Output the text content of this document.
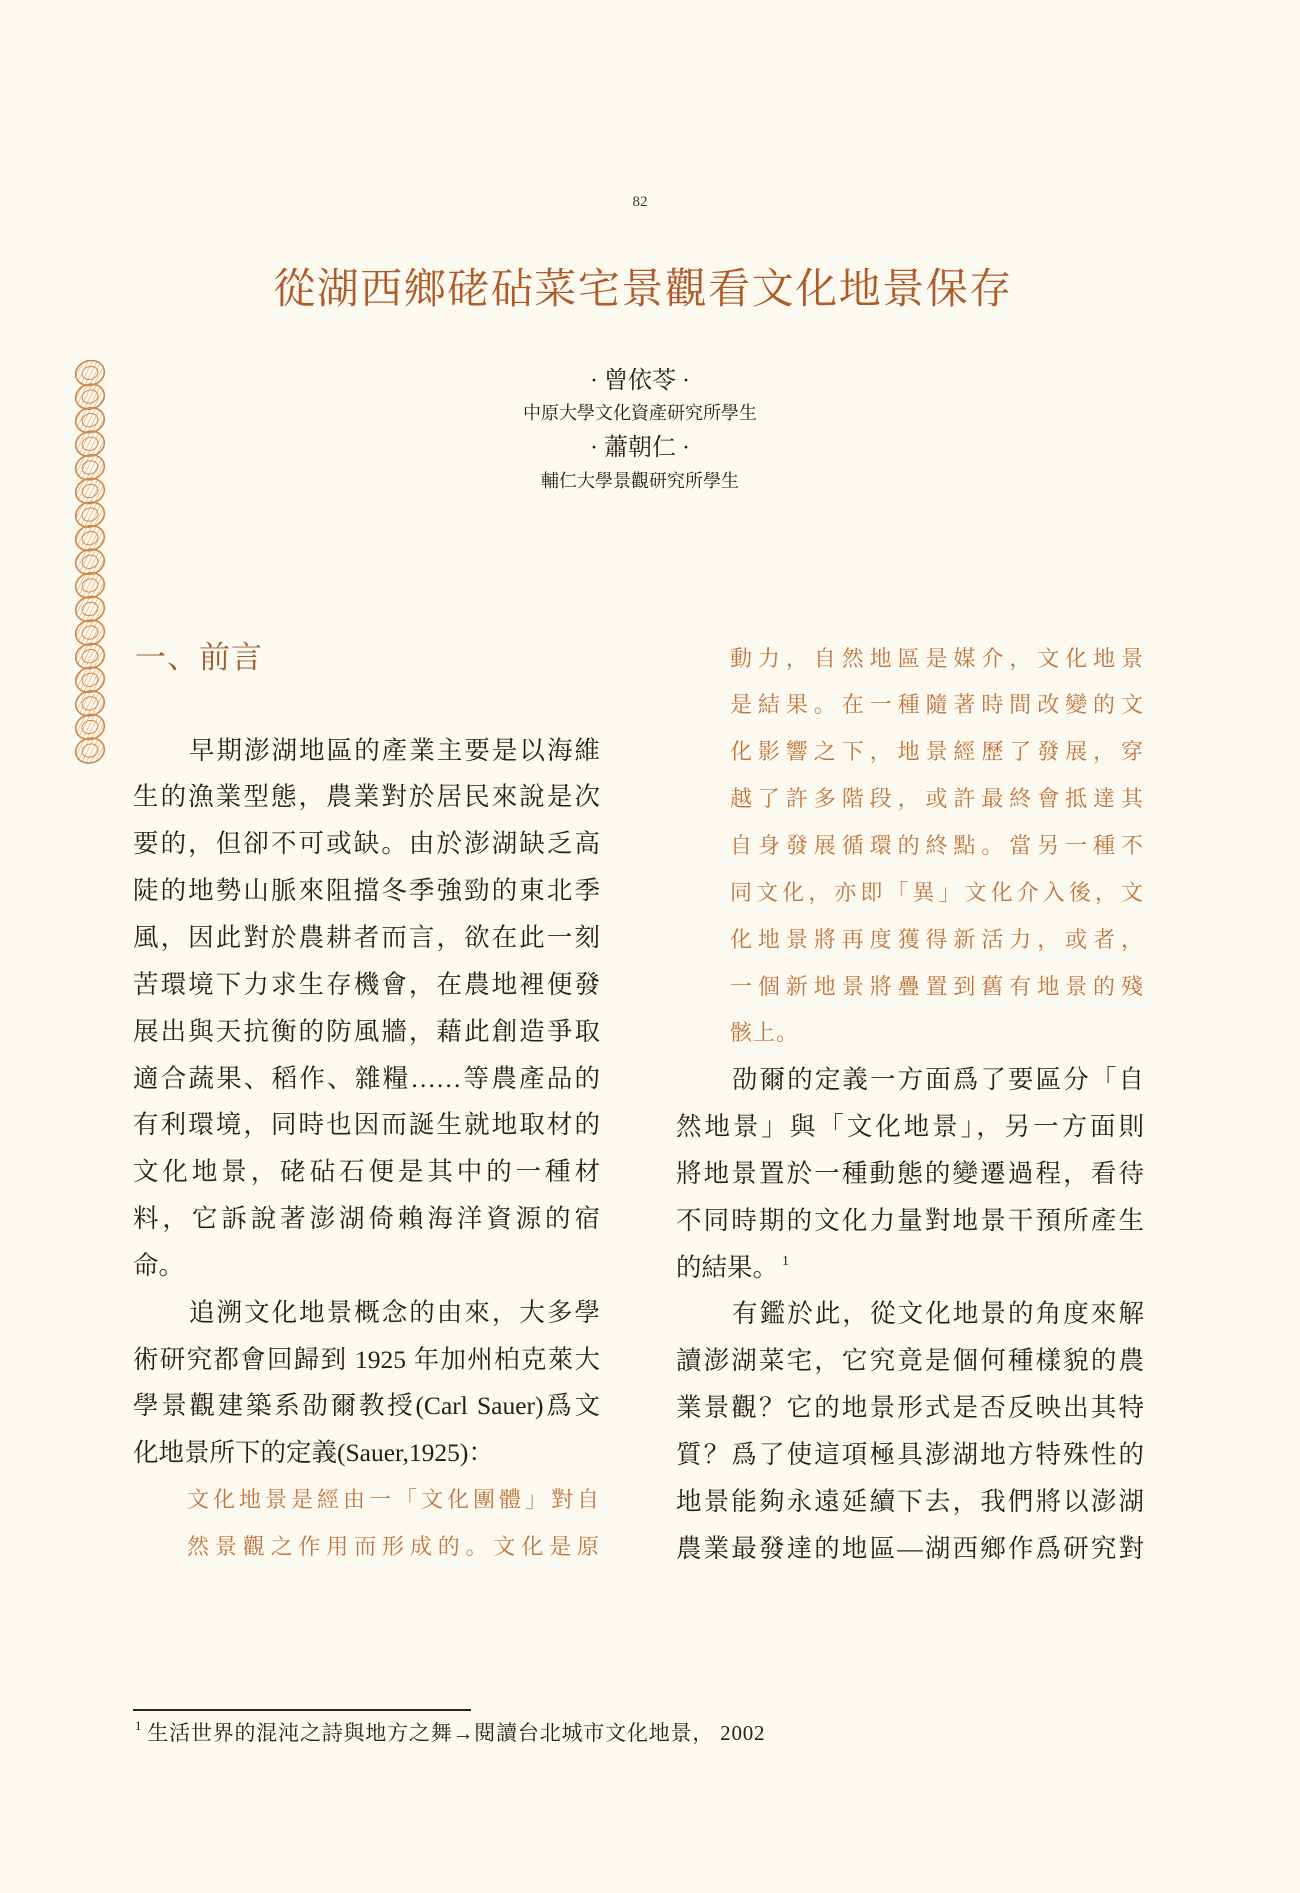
82
從湖西鄉硓砧菜宅景觀看文化地景保存
· 曾依苓 ·
中原大學文化資產研究所學生
· 蕭朝仁 ·
輔仁大學景觀研究所學生
一、前言
早期澎湖地區的產業主要是以海維
生的漁業型態，農業對於居民來說是次
要的，但卻不可或缺。由於澎湖缺乏高
陡的地勢山脈來阻擋冬季強勁的東北季
風，因此對於農耕者而言，欲在此一刻
苦環境下力求生存機會，在農地裡便發
展出與天抗衡的防風牆，藉此創造爭取
適合蔬果、稻作、雜糧……等農產品的
有利環境，同時也因而誕生就地取材的
文化地景，硓砧石便是其中的一種材
料，它訴說著澎湖倚賴海洋資源的宿
命。
追溯文化地景概念的由來，大多學
術研究都會回歸到 1925 年加州柏克萊大
學景觀建築系劭爾教授(Carl Sauer)爲文
化地景所下的定義(Sauer,1925)：
文化地景是經由一「文化團體」對自
然景觀之作用而形成的。文化是原
動力，自然地區是媒介，文化地景
是結果。在一種隨著時間改變的文
化影響之下，地景經歷了發展，穿
越了許多階段，或許最終會抵達其
自身發展循環的終點。當另一種不
同文化，亦即「異」文化介入後，文
化地景將再度獲得新活力，或者，
一個新地景將疊置到舊有地景的殘
骸上。
劭爾的定義一方面爲了要區分「自
然地景」與「文化地景」，另一方面則
將地景置於一種動態的變遷過程，看待
不同時期的文化力量對地景干預所產生
的結果。 $^1$
有鑑於此，從文化地景的角度來解
讀澎湖菜宅，它究竟是個何種樣貌的農
業景觀？它的地景形式是否反映出其特
質？爲了使這項極具澎湖地方特殊性的
地景能夠永遠延續下去，我們將以澎湖
農業最發達的地區—湖西鄉作爲研究對
$^1$ 生活世界的混沌之詩與地方之舞→閱讀台北城市文化地景， 2002
